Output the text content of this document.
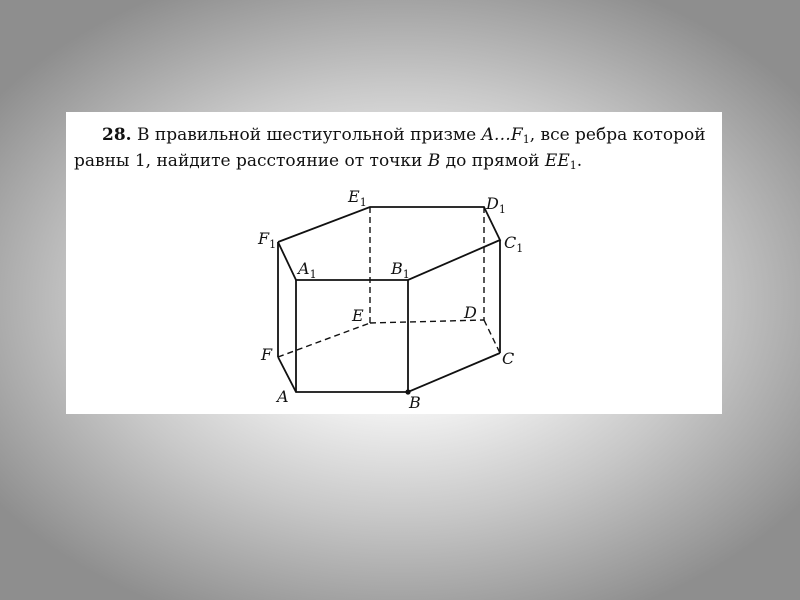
28. В правильной шестиугольной призме $A\dots F_1$, все ребра которой
равны 1, найдите расстояние от точки B до прямой $EE_1$.

$E_1$	$D_1$
$F_1$	$C_1$
$A_1$	$B_1$
E	D
F	C
A	B
